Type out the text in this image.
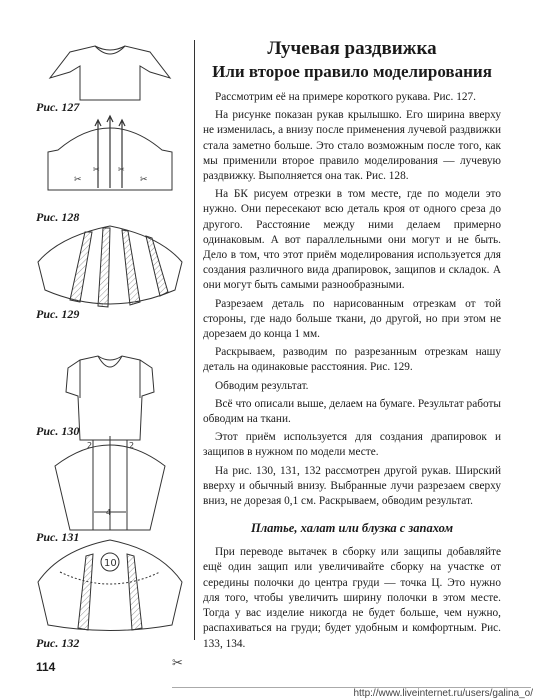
✂
✂ ✂
✂
2	2
4
10
Рис. 127
Рис. 128
Рис. 129
Рис. 130
Рис. 131
Рис. 132
Лучевая раздвижка
Или второе правило моделирования

Рассмотрим её на примере короткого рукава. Рис. 127.

На рисунке показан рукав крылышко. Его ширина вверху не изменилась, а внизу после применения лучевой раздвижки стала заметно больше. Это стало возможным после того, как мы применили второе правило моделирования — лучевую раздвижку. Выполняется она так. Рис. 128.

На БК рисуем отрезки в том месте, где по модели это нужно. Они пересекают всю деталь кроя от одного среза до другого. Расстояние между ними делаем примерно одинаковым. А вот параллельными они могут и не быть. Дело в том, что этот приём моделирования используется для создания различного вида драпировок, защипов и складок. А они могут быть самыми разнообразными.

Разрезаем деталь по нарисованным отрезкам от той стороны, где надо больше ткани, до другой, но при этом не дорезаем до конца 1 мм.

Раскрываем, разводим по разрезанным отрезкам нашу деталь на одинаковые расстояния. Рис. 129.

Обводим результат.

Всё что описали выше, делаем на бумаге. Результат работы обводим на ткани.

Этот приём используется для создания драпировок и защипов в нужном по модели месте.

На рис. 130, 131, 132 рассмотрен другой рукав. Ширский вверху и обычный внизу. Выбранные лучи разрезаем сверху вниз, не дорезая 0,1 см. Раскрываем, обводим результат.

Платье, халат или блузка с запахом

При переводе вытачек в сборку или защипы добавляйте ещё один защип или увеличивайте сборку на участке от середины полочки до центра груди — точка Ц. Это нужно для того, чтобы увеличить ширину полочки в этом месте. Тогда у вас изделие никогда не будет больше, чем нужно, распахиваться на груди; будет удобным и комфортным. Рис. 133, 134.

114	✂
http://www.liveinternet.ru/users/galina_o/
